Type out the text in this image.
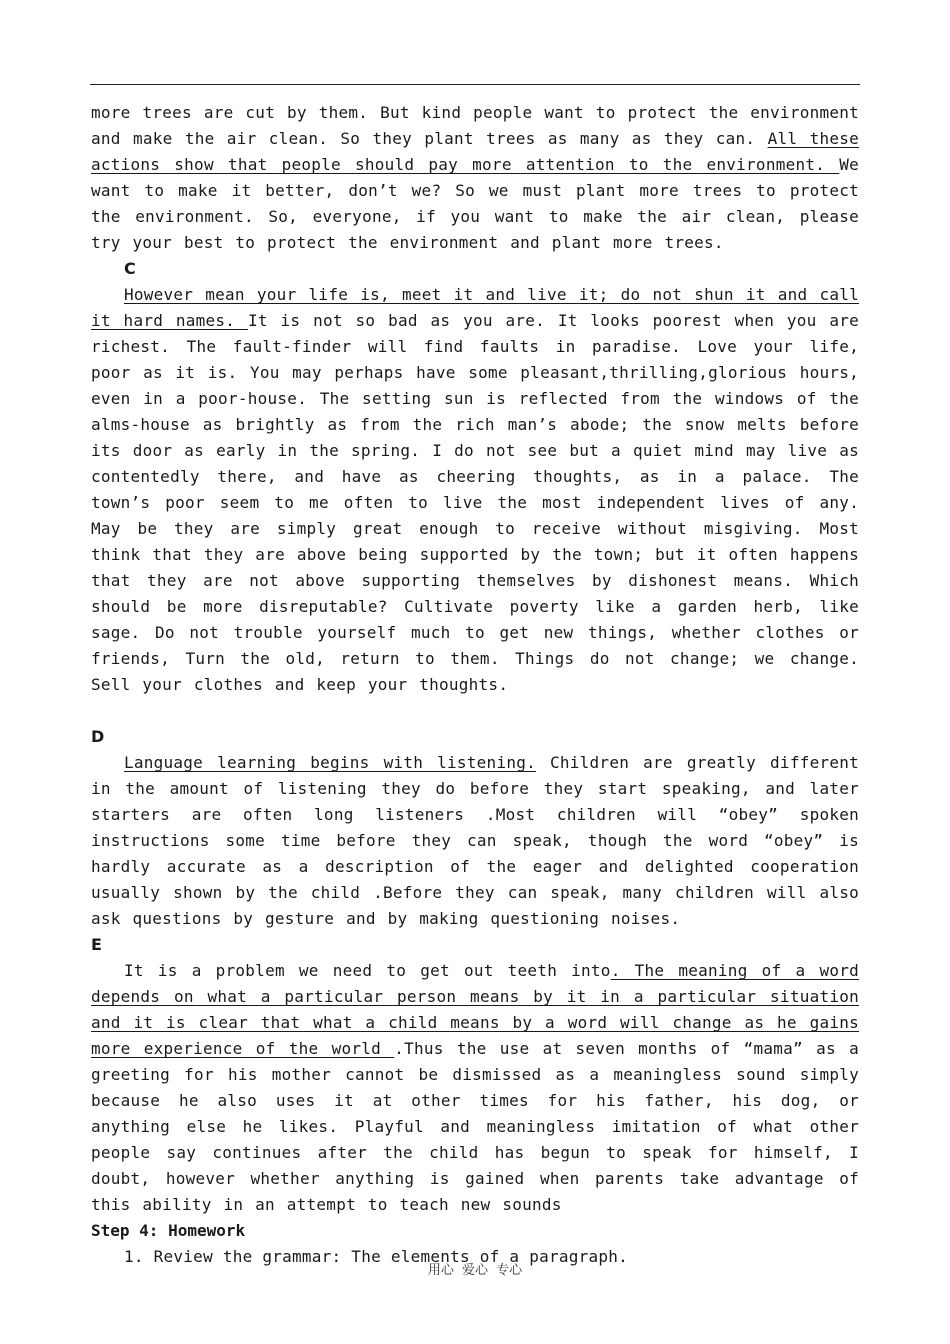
more trees are cut by them. But kind people want to protect the environment and make the air clean. So they plant trees as many as they can. All these actions show that people should pay more attention to the environment. We want to make it better, don’t we? So we must plant more trees to protect the environment. So, everyone, if you want to make the air clean, please try your best to protect the environment and plant more trees.

C

However mean your life is, meet it and live it; do not shun it and call it hard names. It is not so bad as you are. It looks poorest when you are richest. The fault-finder will find faults in paradise. Love your life, poor as it is. You may perhaps have some pleasant,thrilling,glorious hours, even in a poor-house. The setting sun is reflected from the windows of the alms-house as brightly as from the rich man’s abode; the snow melts before its door as early in the spring. I do not see but a quiet mind may live as contentedly there, and have as cheering thoughts, as in a palace. The town’s poor seem to me often to live the most independent lives of any. May be they are simply great enough to receive without misgiving. Most think that they are above being supported by the town; but it often happens that they are not above supporting themselves by dishonest means. Which should be more disreputable? Cultivate poverty like a garden herb, like sage. Do not trouble yourself much to get new things, whether clothes or friends, Turn the old, return to them. Things do not change; we change. Sell your clothes and keep your thoughts.

D

Language learning begins with listening. Children are greatly different in the amount of listening they do before they start speaking, and later starters are often long listeners .Most children will “obey” spoken instructions some time before they can speak, though the word “obey” is hardly accurate as a description of the eager and delighted cooperation usually shown by the child .Before they can speak, many children will also ask questions by gesture and by making questioning noises.

E

It is a problem we need to get out teeth into. The meaning of a word depends on what a particular person means by it in a particular situation and it is clear that what a child means by a word will change as he gains more experience of the world .Thus the use at seven months of “mama” as a greeting for his mother cannot be dismissed as a meaningless sound simply because he also uses it at other times for his father, his dog, or anything else he likes. Playful and meaningless imitation of what other people say continues after the child has begun to speak for himself, I doubt, however whether anything is gained when parents take advantage of this ability in an attempt to teach new sounds

Step 4: Homework

1. Review the grammar: The elements of a paragraph.

用心 爱心 专心
